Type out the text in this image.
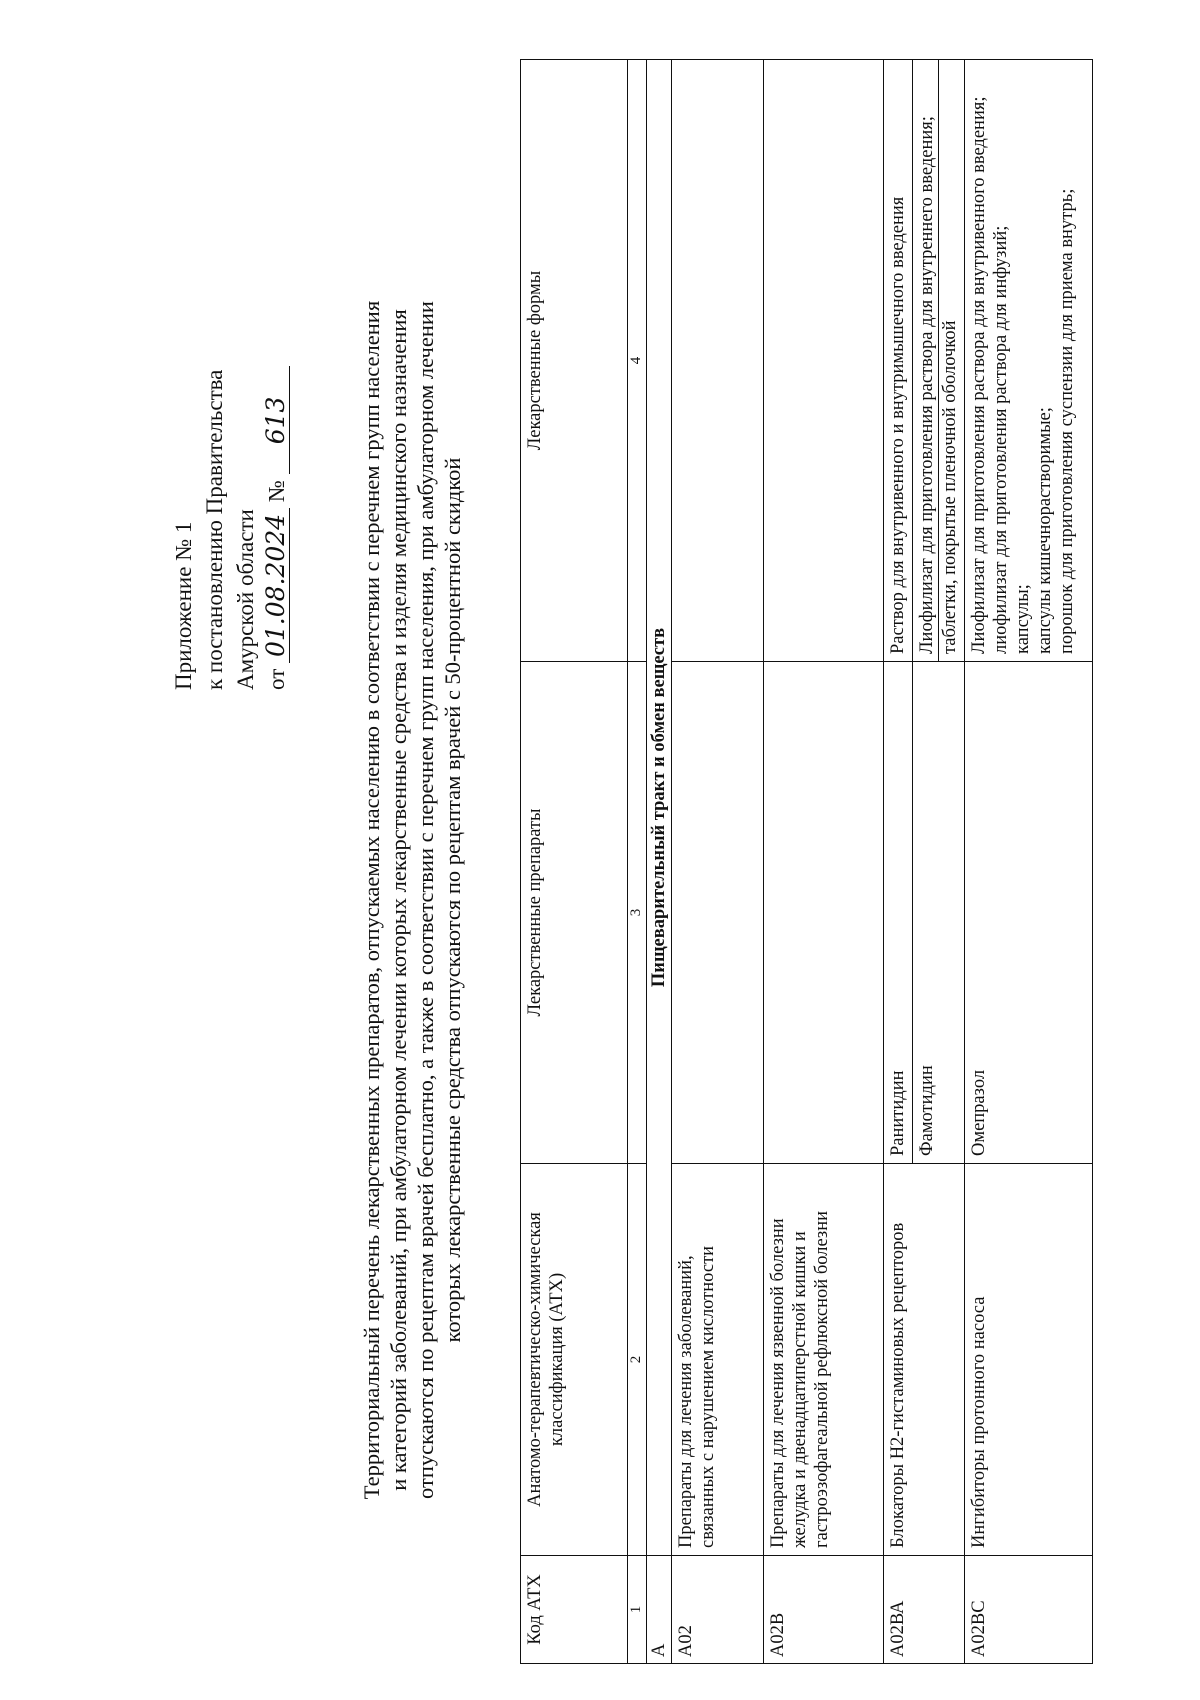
Приложение № 1 к постановлению Правительства Амурской области от 01.08.2024 № 613	Территориальный перечень лекарственных препаратов, отпускаемых населению в соответствии с перечнем групп населения и категорий заболеваний, при амбулаторном лечении которых лекарственные средства и изделия медицинского назначения отпускаются по рецептам врачей бесплатно, а также в соответствии с перечнем групп населения, при амбулаторном лечении которых лекарственные средства отпускаются по рецептам врачей с 50-процентной скидкой
Код АТХ	Анатомо-терапевтическо-химическая классификация (АТХ)	Лекарственные препараты	Лекарственные формы
1	2	3	4
А	Пищеварительный тракт и обмен веществ		
А02	Препараты для лечения заболеваний, связанных с нарушением кислотности		
А02В	Препараты для лечения язвенной болезни желудка и двенадцатиперстной кишки и гастроэзофагеальной рефлюксной болезни		
А02ВА	Блокаторы Н2-гистаминовых рецепторов	Ранитидин	Раствор для внутривенного и внутримышечного введения

		Фамотидин	Лиофилизат для приготовления раствора для внутреннего введения; таблетки, покрытые пленочной оболочкой

А02ВС	Ингибиторы протонного насоса	Омепразол	Лиофилизат для приготовления раствора для внутривенного введения; лиофилизат для приготовления раствора для инфузий; капсулы; капсулы кишечнорастворимые; порошок для приготовления суспензии для приема внутрь;
